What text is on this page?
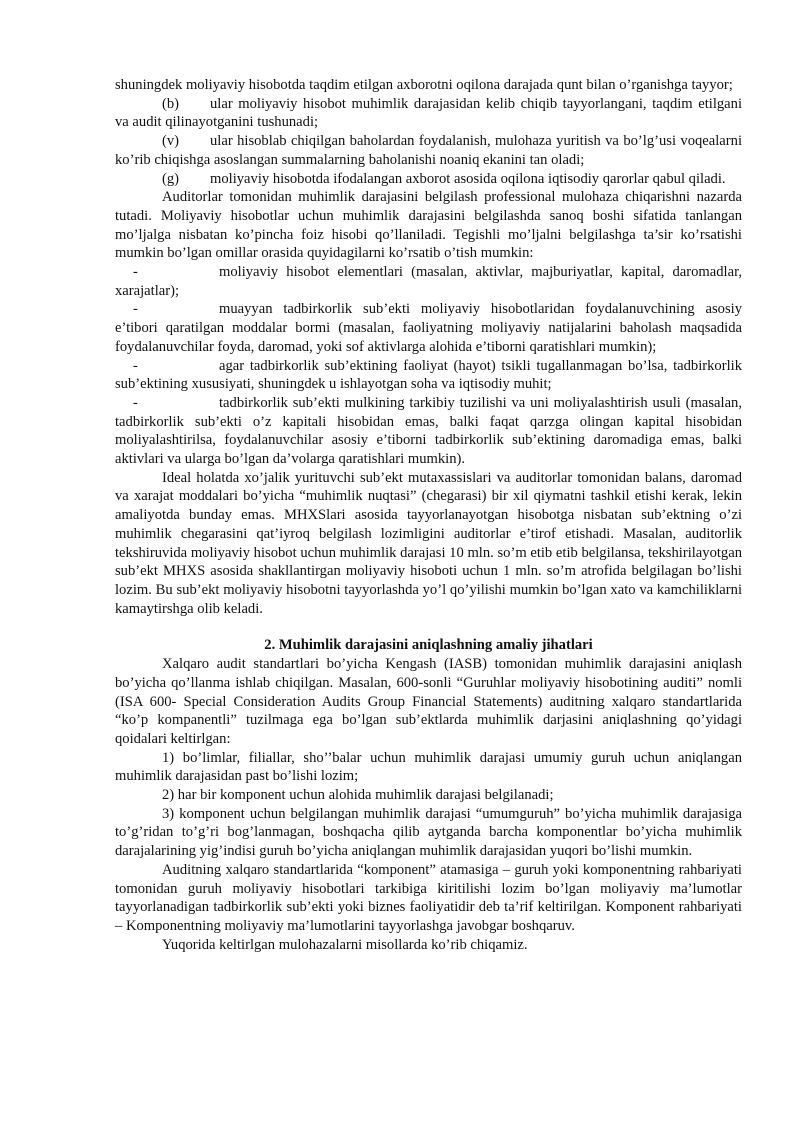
shuningdek moliyaviy hisobotda taqdim etilgan axborotni oqilona darajada qunt bilan o’rganishga tayyor;

(b) ular moliyaviy hisobot muhimlik darajasidan kelib chiqib tayyorlangani, taqdim etilgani va audit qilinayotganini tushunadi;

(v) ular hisoblab chiqilgan baholardan foydalanish, mulohaza yuritish va bo’lg’usi voqealarni ko’rib chiqishga asoslangan summalarning baholanishi noaniq ekanini tan oladi;

(g) moliyaviy hisobotda ifodalangan axborot asosida oqilona iqtisodiy qarorlar qabul qiladi.

Auditorlar tomonidan muhimlik darajasini belgilash professional mulohaza chiqarishni nazarda tutadi. Moliyaviy hisobotlar uchun muhimlik darajasini belgilashda sanoq boshi sifatida tanlangan mo’ljalga nisbatan ko’pincha foiz hisobi qo’llaniladi. Tegishli mo’ljalni belgilashga ta’sir ko’rsatishi mumkin bo’lgan omillar orasida quyidagilarni ko’rsatib o’tish mumkin:

-	moliyaviy hisobot elementlari (masalan, aktivlar, majburiyatlar, kapital, daromadlar, xarajatlar);

-	muayyan tadbirkorlik sub’ekti moliyaviy hisobotlaridan foydalanuvchining asosiy e’tibori qaratilgan moddalar bormi (masalan, faoliyatning moliyaviy natijalarini baholash maqsadida foydalanuvchilar foyda, daromad, yoki sof aktivlarga alohida e’tiborni qaratishlari mumkin);

-	agar tadbirkorlik sub’ektining faoliyat (hayot) tsikli tugallanmagan bo’lsa, tadbirkorlik sub’ektining xususiyati, shuningdek u ishlayotgan soha va iqtisodiy muhit;

-	tadbirkorlik sub’ekti mulkining tarkibiy tuzilishi va uni moliyalashtirish usuli (masalan, tadbirkorlik sub’ekti o’z kapitali hisobidan emas, balki faqat qarzga olingan kapital hisobidan moliyalashtirilsa, foydalanuvchilar asosiy e’tiborni tadbirkorlik sub’ektining daromadiga emas, balki aktivlari va ularga bo’lgan da’volarga qaratishlari mumkin).

Ideal holatda xo’jalik yurituvchi sub’ekt mutaxassislari va auditorlar tomonidan balans, daromad va xarajat moddalari bo’yicha “muhimlik nuqtasi” (chegarasi) bir xil qiymatni tashkil etishi kerak, lekin amaliyotda bunday emas. MHXSlari asosida tayyorlanayotgan hisobotga nisbatan sub’ektning o’zi muhimlik chegarasini qat’iyroq belgilash lozimligini auditorlar e’tirof etishadi. Masalan, auditorlik tekshiruvida moliyaviy hisobot uchun muhimlik darajasi 10 mln. so’m etib etib belgilansa, tekshirilayotgan sub’ekt MHXS asosida shakllantirgan moliyaviy hisoboti uchun 1 mln. so’m atrofida belgilagan bo’lishi lozim. Bu sub’ekt moliyaviy hisobotni tayyorlashda yo’l qo’yilishi mumkin bo’lgan xato va kamchiliklarni kamaytirshga olib keladi.

2. Muhimlik darajasini aniqlashning amaliy jihatlari

Xalqaro audit standartlari bo’yicha Kengash (IASB) tomonidan muhimlik darajasini aniqlash bo’yicha qo’llanma ishlab chiqilgan. Masalan, 600-sonli “Guruhlar moliyaviy hisobotining auditi” nomli (ISA 600- Special Consideration Audits Group Financial Statements) auditning xalqaro standartlarida “ko’p kompanentli” tuzilmaga ega bo’lgan sub’ektlarda muhimlik darjasini aniqlashning qo’yidagi qoidalari keltirlgan:

1) bo’limlar, filiallar, sho’’balar uchun muhimlik darajasi umumiy guruh uchun aniqlangan muhimlik darajasidan past bo’lishi lozim;

2) har bir komponent uchun alohida muhimlik darajasi belgilanadi;

3) komponent uchun belgilangan muhimlik darajasi “umumguruh” bo’yicha muhimlik darajasiga to’g’ridan to’g’ri bog’lanmagan, boshqacha qilib aytganda barcha komponentlar bo’yicha muhimlik darajalarining yig’indisi guruh bo’yicha aniqlangan muhimlik darajasidan yuqori bo’lishi mumkin.

Auditning xalqaro standartlarida “komponent” atamasiga – guruh yoki komponentning rahbariyati tomonidan guruh moliyaviy hisobotlari tarkibiga kiritilishi lozim bo’lgan moliyaviy ma’lumotlar tayyorlanadigan tadbirkorlik sub’ekti yoki biznes faoliyatidir deb ta’rif keltirilgan. Komponent rahbariyati – Komponentning moliyaviy ma’lumotlarini tayyorlashga javobgar boshqaruv.

Yuqorida keltirlgan mulohazalarni misollarda ko’rib chiqamiz.
